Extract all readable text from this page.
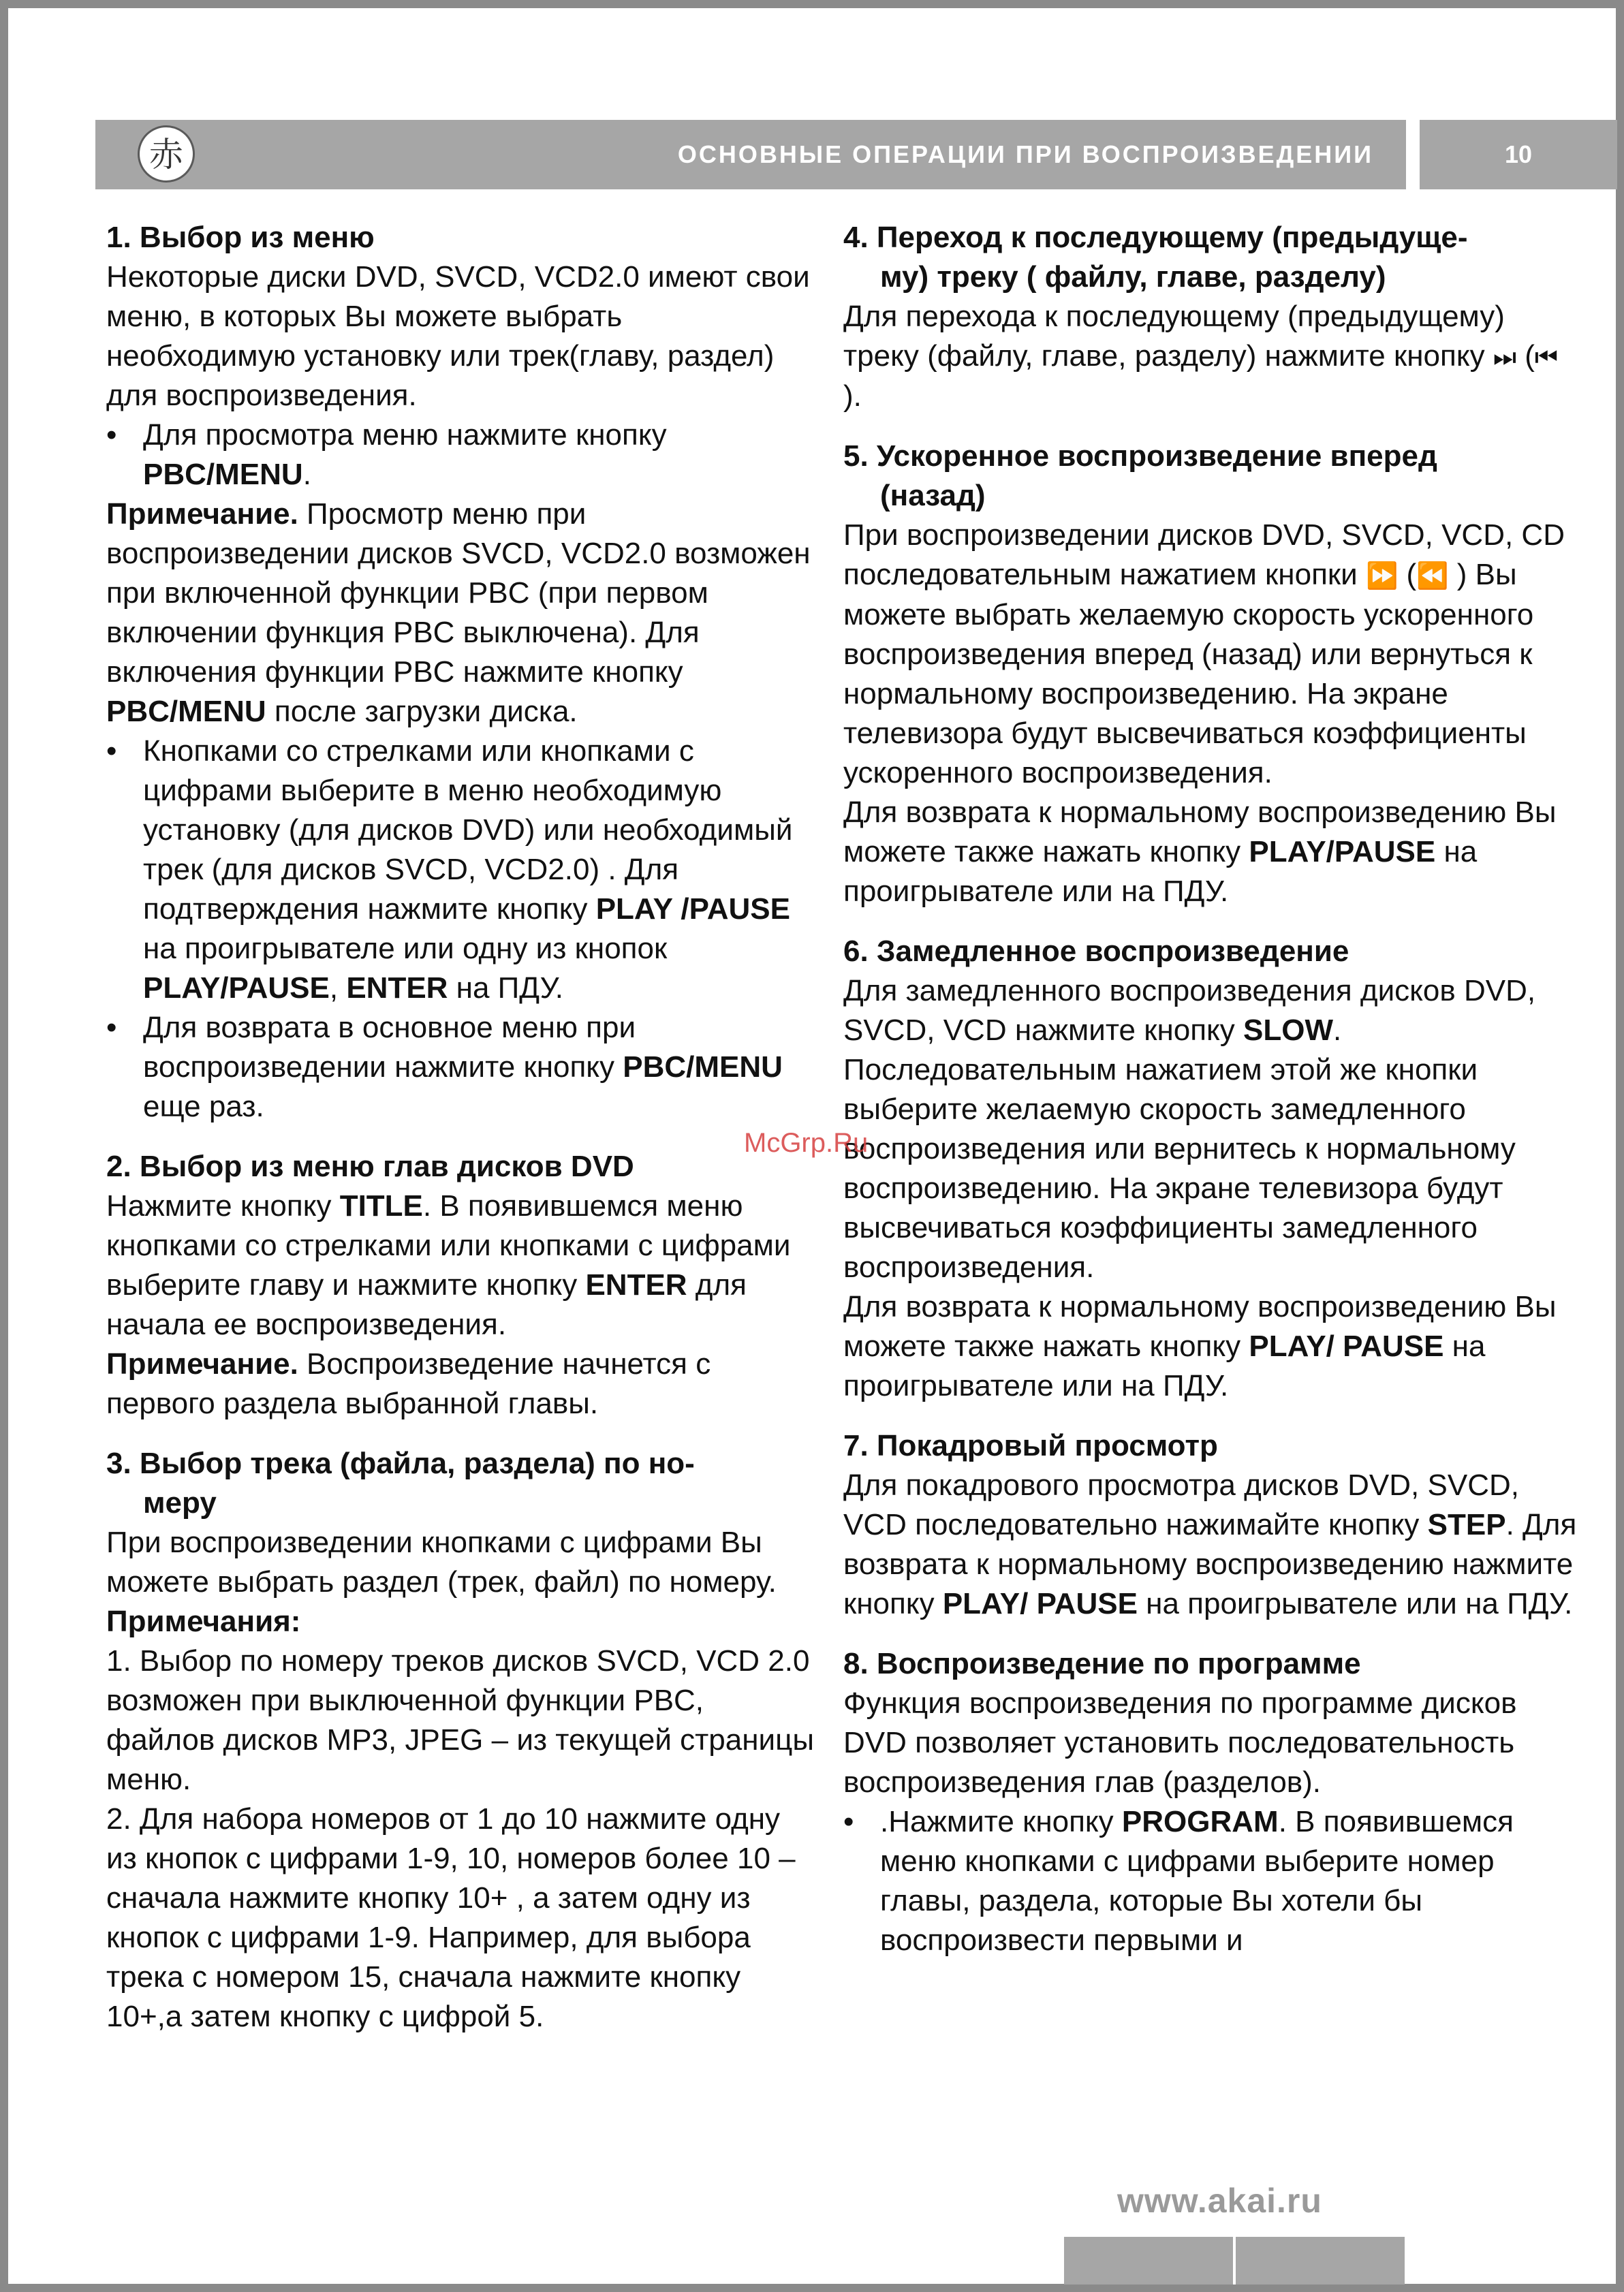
赤	ОСНОВНЫЕ ОПЕРАЦИИ ПРИ ВОСПРОИЗВЕДЕНИИ	10

1. Выбор из меню

Некоторые диски DVD, SVCD, VCD2.0 имеют свои меню, в которых Вы можете выбрать необходимую установку или трек(главу, раздел) для воспроизведения.

• Для просмотра меню нажмите кнопку PBC/MENU.

Примечание. Просмотр меню при воспроизведении дисков SVCD, VCD2.0 возможен при включенной функции PBC (при первом включении функция PBC выключена). Для включения функции PBC нажмите кнопку PBC/MENU после загрузки диска.

• Кнопками со стрелками или кнопками с цифрами выберите в меню необходимую установку (для дисков DVD) или необходимый трек (для дисков SVCD, VCD2.0) . Для подтверждения нажмите кнопку PLAY /PAUSE на проигрывателе или одну из кнопок PLAY/PAUSE, ENTER на ПДУ.
• Для возврата в основное меню при воспроизведении нажмите кнопку PBC/MENU еще раз.

2. Выбор из меню глав дисков DVD

Нажмите кнопку TITLE. В появившемся меню кнопками со стрелками или кнопками с цифрами выберите главу и нажмите кнопку ENTER для начала ее воспроизведения.

Примечание. Воспроизведение начнется с первого раздела выбранной главы.

3. Выбор трека (файла, раздела) по но-
меру

При воспроизведении кнопками с цифрами Вы можете выбрать раздел (трек, файл) по номеру.

Примечания:

1. Выбор по номеру треков дисков SVCD, VCD 2.0 возможен при выключенной функции PBC, файлов дисков MP3, JPEG – из текущей страницы меню.

2. Для набора номеров от 1 до 10 нажмите одну из кнопок с цифрами 1-9, 10, номеров более 10 – сначала нажмите кнопку 10+ , а затем одну из кнопок с цифрами 1-9. Например, для выбора трека с номером 15, сначала нажмите кнопку 10+,а затем кнопку с цифрой 5.

4. Переход к последующему (предыдуще-
му) треку ( файлу, главе, разделу)

Для перехода к последующему (предыдущему) треку (файлу, главе, разделу) нажмите кнопку ⏭ (⏮ ).

5. Ускоренное воспроизведение вперед
(назад)

При воспроизведении дисков DVD, SVCD, VCD, CD последовательным нажатием кнопки ⏩ (⏪ ) Вы можете выбрать желаемую скорость ускоренного воспроизведения вперед (назад) или вернуться к нормальному воспроизведению. На экране телевизора будут высвечиваться коэффициенты ускоренного воспроизведения.

Для возврата к нормальному воспроизведению Вы можете также нажать кнопку PLAY/PAUSE на проигрывателе или на ПДУ.

6. Замедленное воспроизведение

Для замедленного воспроизведения дисков DVD, SVCD, VCD нажмите кнопку SLOW. Последовательным нажатием этой же кнопки выберите желаемую скорость замедленного воспроизведения или вернитесь к нормальному воспроизведению. На экране телевизора будут высвечиваться коэффициенты замедленного воспроизведения.

Для возврата к нормальному воспроизведению Вы можете также нажать кнопку PLAY/ PAUSE на проигрывателе или на ПДУ.

7. Покадровый просмотр

Для покадрового просмотра дисков DVD, SVCD, VCD последовательно нажимайте кнопку STEP. Для возврата к нормальному воспроизведению нажмите кнопку PLAY/ PAUSE на проигрывателе или на ПДУ.

8. Воспроизведение по программе

Функция воспроизведения по программе дисков DVD позволяет установить последовательность воспроизведения глав (разделов).

• .Нажмите кнопку PROGRAM. В появившемся меню кнопками с цифрами выберите номер главы, раздела, которые Вы хотели бы воспроизвести первыми и
McGrp.Ru
www.akai.ru
